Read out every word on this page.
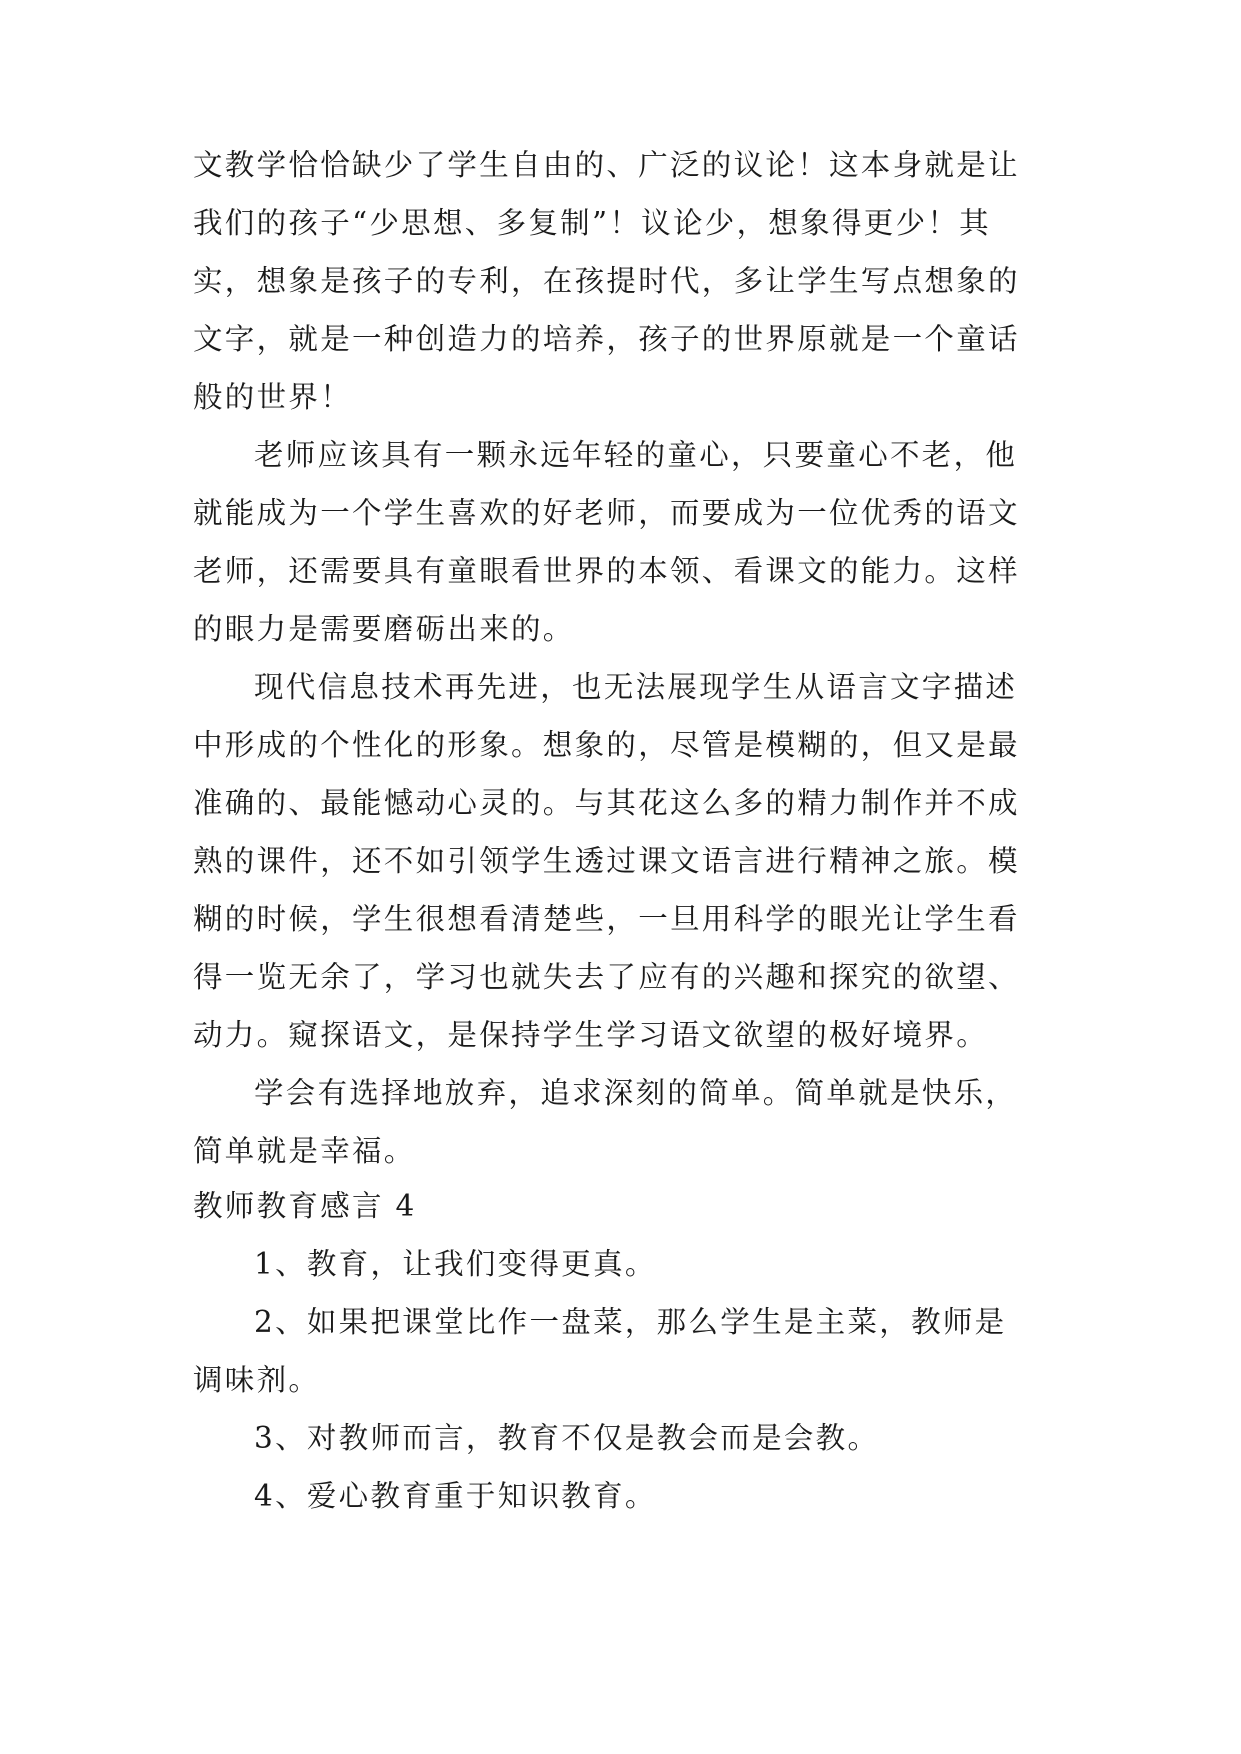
文教学恰恰缺少了学生自由的、广泛的议论！这本身就是让
我们的孩子“少思想、多复制”！议论少，想象得更少！其
实，想象是孩子的专利，在孩提时代，多让学生写点想象的
文字，就是一种创造力的培养，孩子的世界原就是一个童话
般的世界！
老师应该具有一颗永远年轻的童心，只要童心不老，他
就能成为一个学生喜欢的好老师，而要成为一位优秀的语文
老师，还需要具有童眼看世界的本领、看课文的能力。这样
的眼力是需要磨砺出来的。
现代信息技术再先进，也无法展现学生从语言文字描述
中形成的个性化的形象。想象的，尽管是模糊的，但又是最
准确的、最能憾动心灵的。与其花这么多的精力制作并不成
熟的课件，还不如引领学生透过课文语言进行精神之旅。模
糊的时候，学生很想看清楚些，一旦用科学的眼光让学生看
得一览无余了，学习也就失去了应有的兴趣和探究的欲望、
动力。窥探语文，是保持学生学习语文欲望的极好境界。
学会有选择地放弃，追求深刻的简单。简单就是快乐，
简单就是幸福。
教师教育感言 4
1、教育，让我们变得更真。
2、如果把课堂比作一盘菜，那么学生是主菜，教师是
调味剂。
3、对教师而言，教育不仅是教会而是会教。
4、爱心教育重于知识教育。
